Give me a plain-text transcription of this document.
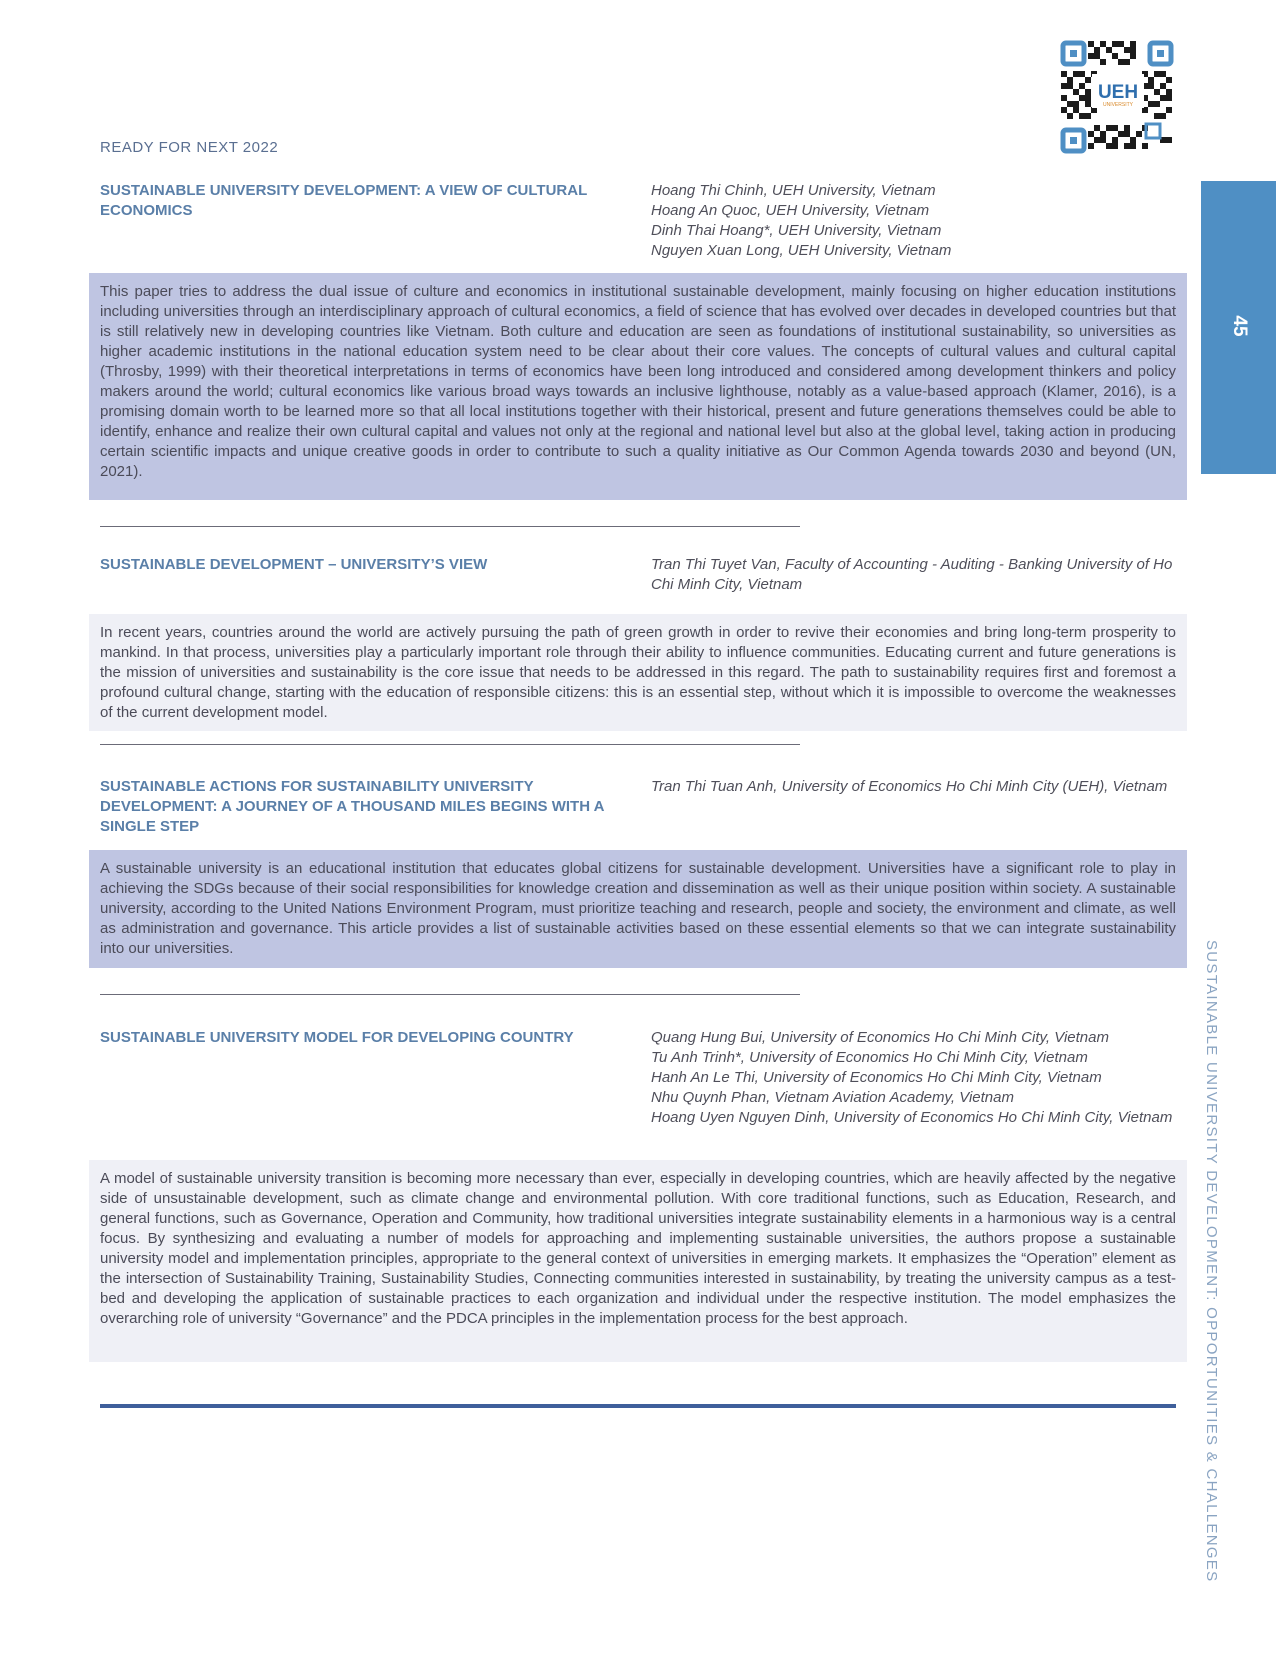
READY FOR NEXT 2022
UEH
UNIVERSITY
45
SUSTAINABLE UNIVERSITY DEVELOPMENT: OPPORTUNITIES & CHALLENGES
SUSTAINABLE UNIVERSITY DEVELOPMENT: A VIEW OF CULTURAL ECONOMICS
Hoang Thi Chinh, UEH University, Vietnam
Hoang An Quoc, UEH University, Vietnam
Dinh Thai Hoang*, UEH University, Vietnam
Nguyen Xuan Long, UEH University, Vietnam
This paper tries to address the dual issue of culture and economics in institutional sustainable development, mainly focusing on higher education institutions including universities through an interdisciplinary approach of cultural economics, a field of science that has evolved over decades in developed countries but that is still relatively new in developing countries like Vietnam. Both culture and education are seen as foundations of institutional sustainability, so universities as higher academic institutions in the national education system need to be clear about their core values. The concepts of cultural values and cultural capital (Throsby, 1999) with their theoretical interpretations in terms of economics have been long introduced and considered among development thinkers and policy makers around the world; cultural economics like various broad ways towards an inclusive lighthouse, notably as a value-based approach (Klamer, 2016), is a promising domain worth to be learned more so that all local institutions together with their historical, present and future generations themselves could be able to identify, enhance and realize their own cultural capital and values not only at the regional and national level but also at the global level, taking action in producing certain scientific impacts and unique creative goods in order to contribute to such a quality initiative as Our Common Agenda towards 2030 and beyond (UN, 2021).
SUSTAINABLE DEVELOPMENT – UNIVERSITY’S VIEW	Tran Thi Tuyet Van, Faculty of Accounting - Auditing - Banking University of Ho Chi Minh City, Vietnam
In recent years, countries around the world are actively pursuing the path of green growth in order to revive their economies and bring long-term prosperity to mankind. In that process, universities play a particularly important role through their ability to influence communities. Educating current and future generations is the mission of universities and sustainability is the core issue that needs to be addressed in this regard. The path to sustainability requires first and foremost a profound cultural change, starting with the education of responsible citizens: this is an essential step, without which it is impossible to overcome the weaknesses of the current development model.
SUSTAINABLE ACTIONS FOR SUSTAINABILITY UNIVERSITY DEVELOPMENT: A JOURNEY OF A THOUSAND MILES BEGINS WITH A SINGLE STEP
Tran Thi Tuan Anh, University of Economics Ho Chi Minh City (UEH), Vietnam
A sustainable university is an educational institution that educates global citizens for sustainable development. Universities have a significant role to play in achieving the SDGs because of their social responsibilities for knowledge creation and dissemination as well as their unique position within society. A sustainable university, according to the United Nations Environment Program, must prioritize teaching and research, people and society, the environment and climate, as well as administration and governance. This article provides a list of sustainable activities based on these essential elements so that we can integrate sustainability into our universities.
SUSTAINABLE UNIVERSITY MODEL FOR DEVELOPING COUNTRY	Quang Hung Bui, University of Economics Ho Chi Minh City, Vietnam
Tu Anh Trinh*, University of Economics Ho Chi Minh City, Vietnam
Hanh An Le Thi, University of Economics Ho Chi Minh City, Vietnam
Nhu Quynh Phan, Vietnam Aviation Academy, Vietnam
Hoang Uyen Nguyen Dinh, University of Economics Ho Chi Minh City, Vietnam
A model of sustainable university transition is becoming more necessary than ever, especially in developing countries, which are heavily affected by the negative side of unsustainable development, such as climate change and environmental pollution. With core traditional functions, such as Education, Research, and general functions, such as Governance, Operation and Community, how traditional universities integrate sustainability elements in a harmonious way is a central focus. By synthesizing and evaluating a number of models for approaching and implementing sustainable universities, the authors propose a sustainable university model and implementation principles, appropriate to the general context of universities in emerging markets. It emphasizes the “Operation” element as the intersection of Sustainability Training, Sustainability Studies, Connecting communities interested in sustainability, by treating the university campus as a test-bed and developing the application of sustainable practices to each organization and individual under the respective institution. The model emphasizes the overarching role of university “Governance” and the PDCA principles in the implementation process for the best approach.
